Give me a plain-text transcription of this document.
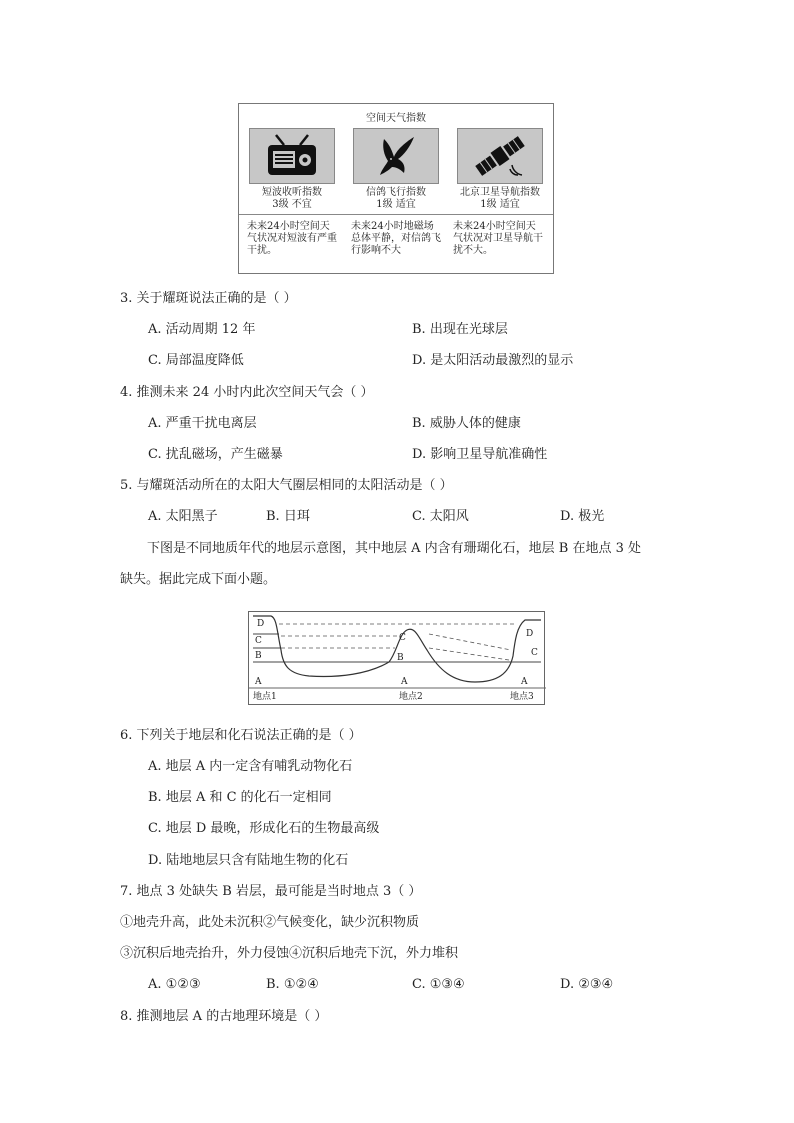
空间天气指数
短波收听指数
3级 不宜
信鸽飞行指数
1级 适宜
北京卫星导航指数
1级 适宜
未来24小时空间天气状况对短波有严重干扰。
未来24小时地磁场总体平静，对信鸽飞行影响不大
未来24小时空间天气状况对卫星导航干扰不大。
3. 关于耀斑说法正确的是（ ）
A. 活动周期 12 年	B. 出现在光球层
C. 局部温度降低	D. 是太阳活动最激烈的显示
4. 推测未来 24 小时内此次空间天气会（ ）
A. 严重干扰电离层	B. 威胁人体的健康
C. 扰乱磁场，产生磁暴	D. 影响卫星导航准确性
5. 与耀斑活动所在的太阳大气圈层相同的太阳活动是（ ）
A. 太阳黑子	B. 日珥	C. 太阳风	D. 极光
下图是不同地质年代的地层示意图，其中地层 A 内含有珊瑚化石，地层 B 在地点 3 处
缺失。据此完成下面小题。
D
C
B
A
C
B
A
D
C
A
地点1	地点2	地点3
6. 下列关于地层和化石说法正确的是（ ）
A. 地层 A 内一定含有哺乳动物化石
B. 地层 A 和 C 的化石一定相同
C. 地层 D 最晚，形成化石的生物最高级
D. 陆地地层只含有陆地生物的化石
7. 地点 3 处缺失 B 岩层，最可能是当时地点 3（ ）
①地壳升高，此处未沉积②气候变化，缺少沉积物质
③沉积后地壳抬升，外力侵蚀④沉积后地壳下沉，外力堆积
A. ①②③	B. ①②④	C. ①③④	D. ②③④
8. 推测地层 A 的古地理环境是（ ）
